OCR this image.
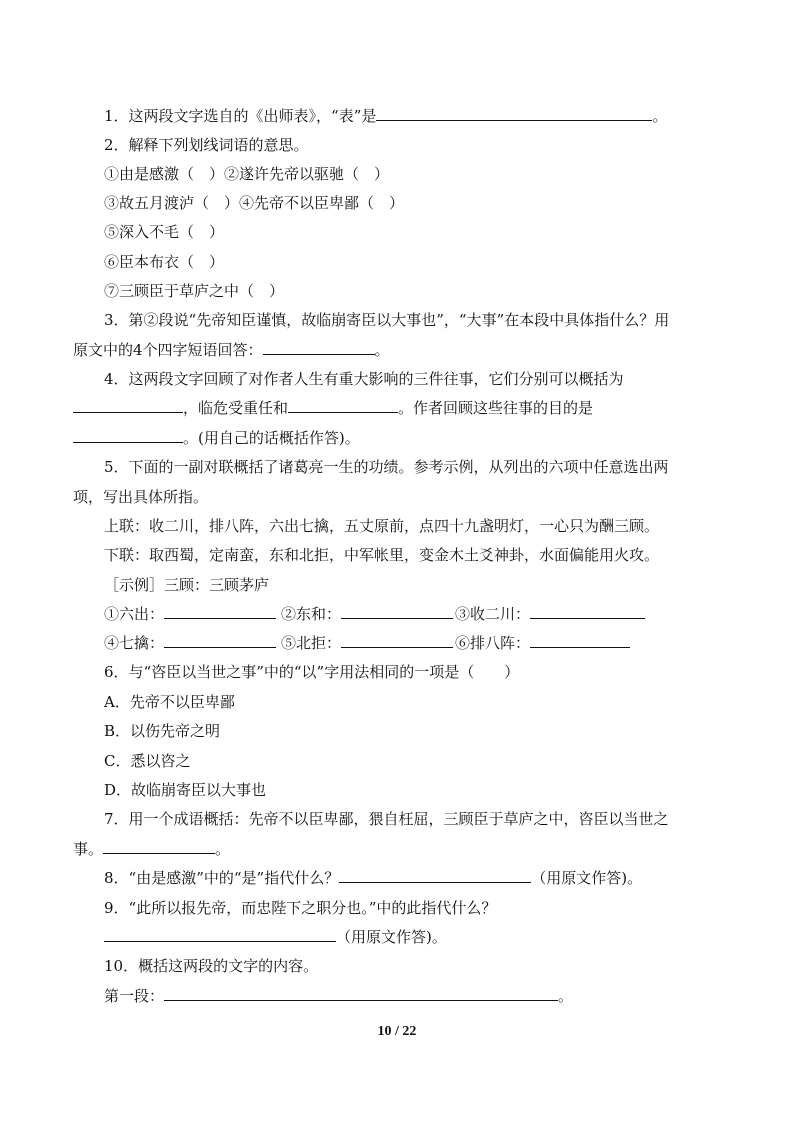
1．这两段文字选自的《出师表》，“表”是	。
2．解释下列划线词语的意思。
①由是感激（　）②遂许先帝以驱驰（　）
③故五月渡泸（　）④先帝不以臣卑鄙（　）
⑤深入不毛（　）
⑥臣本布衣（　）
⑦三顾臣于草庐之中（　）
3．第②段说“先帝知臣谨慎，故临崩寄臣以大事也”，“大事”在本段中具体指什么？用
原文中的4个四字短语回答：	。
4．这两段文字回顾了对作者人生有重大影响的三件往事，它们分别可以概括为
，临危受重任和	。作者回顾这些往事的目的是
。(用自己的话概括作答)。
5．下面的一副对联概括了诸葛亮一生的功绩。参考示例，从列出的六项中任意选出两
项，写出具体所指。
上联：收二川，排八阵，六出七擒，五丈原前，点四十九盏明灯，一心只为酬三顾。
下联：取西蜀，定南蛮，东和北拒，中军帐里，变金木土爻神卦，水面偏能用火攻。
［示例］三顾：三顾茅庐
①六出：	②东和：	③收二川：
④七擒：	⑤北拒：	⑥排八阵：
6．与“咨臣以当世之事”中的“以”字用法相同的一项是（　　）
A．先帝不以臣卑鄙
B．以伤先帝之明
C．悉以咨之
D．故临崩寄臣以大事也
7．用一个成语概括：先帝不以臣卑鄙，猥自枉屈，三顾臣于草庐之中，咨臣以当世之
事。	。
8．“由是感激”中的“是”指代什么？	（用原文作答)。
9．“此所以报先帝，而忠陛下之职分也。”中的此指代什么？
（用原文作答)。
10．概括这两段的文字的内容。
第一段：	。
10 / 22
